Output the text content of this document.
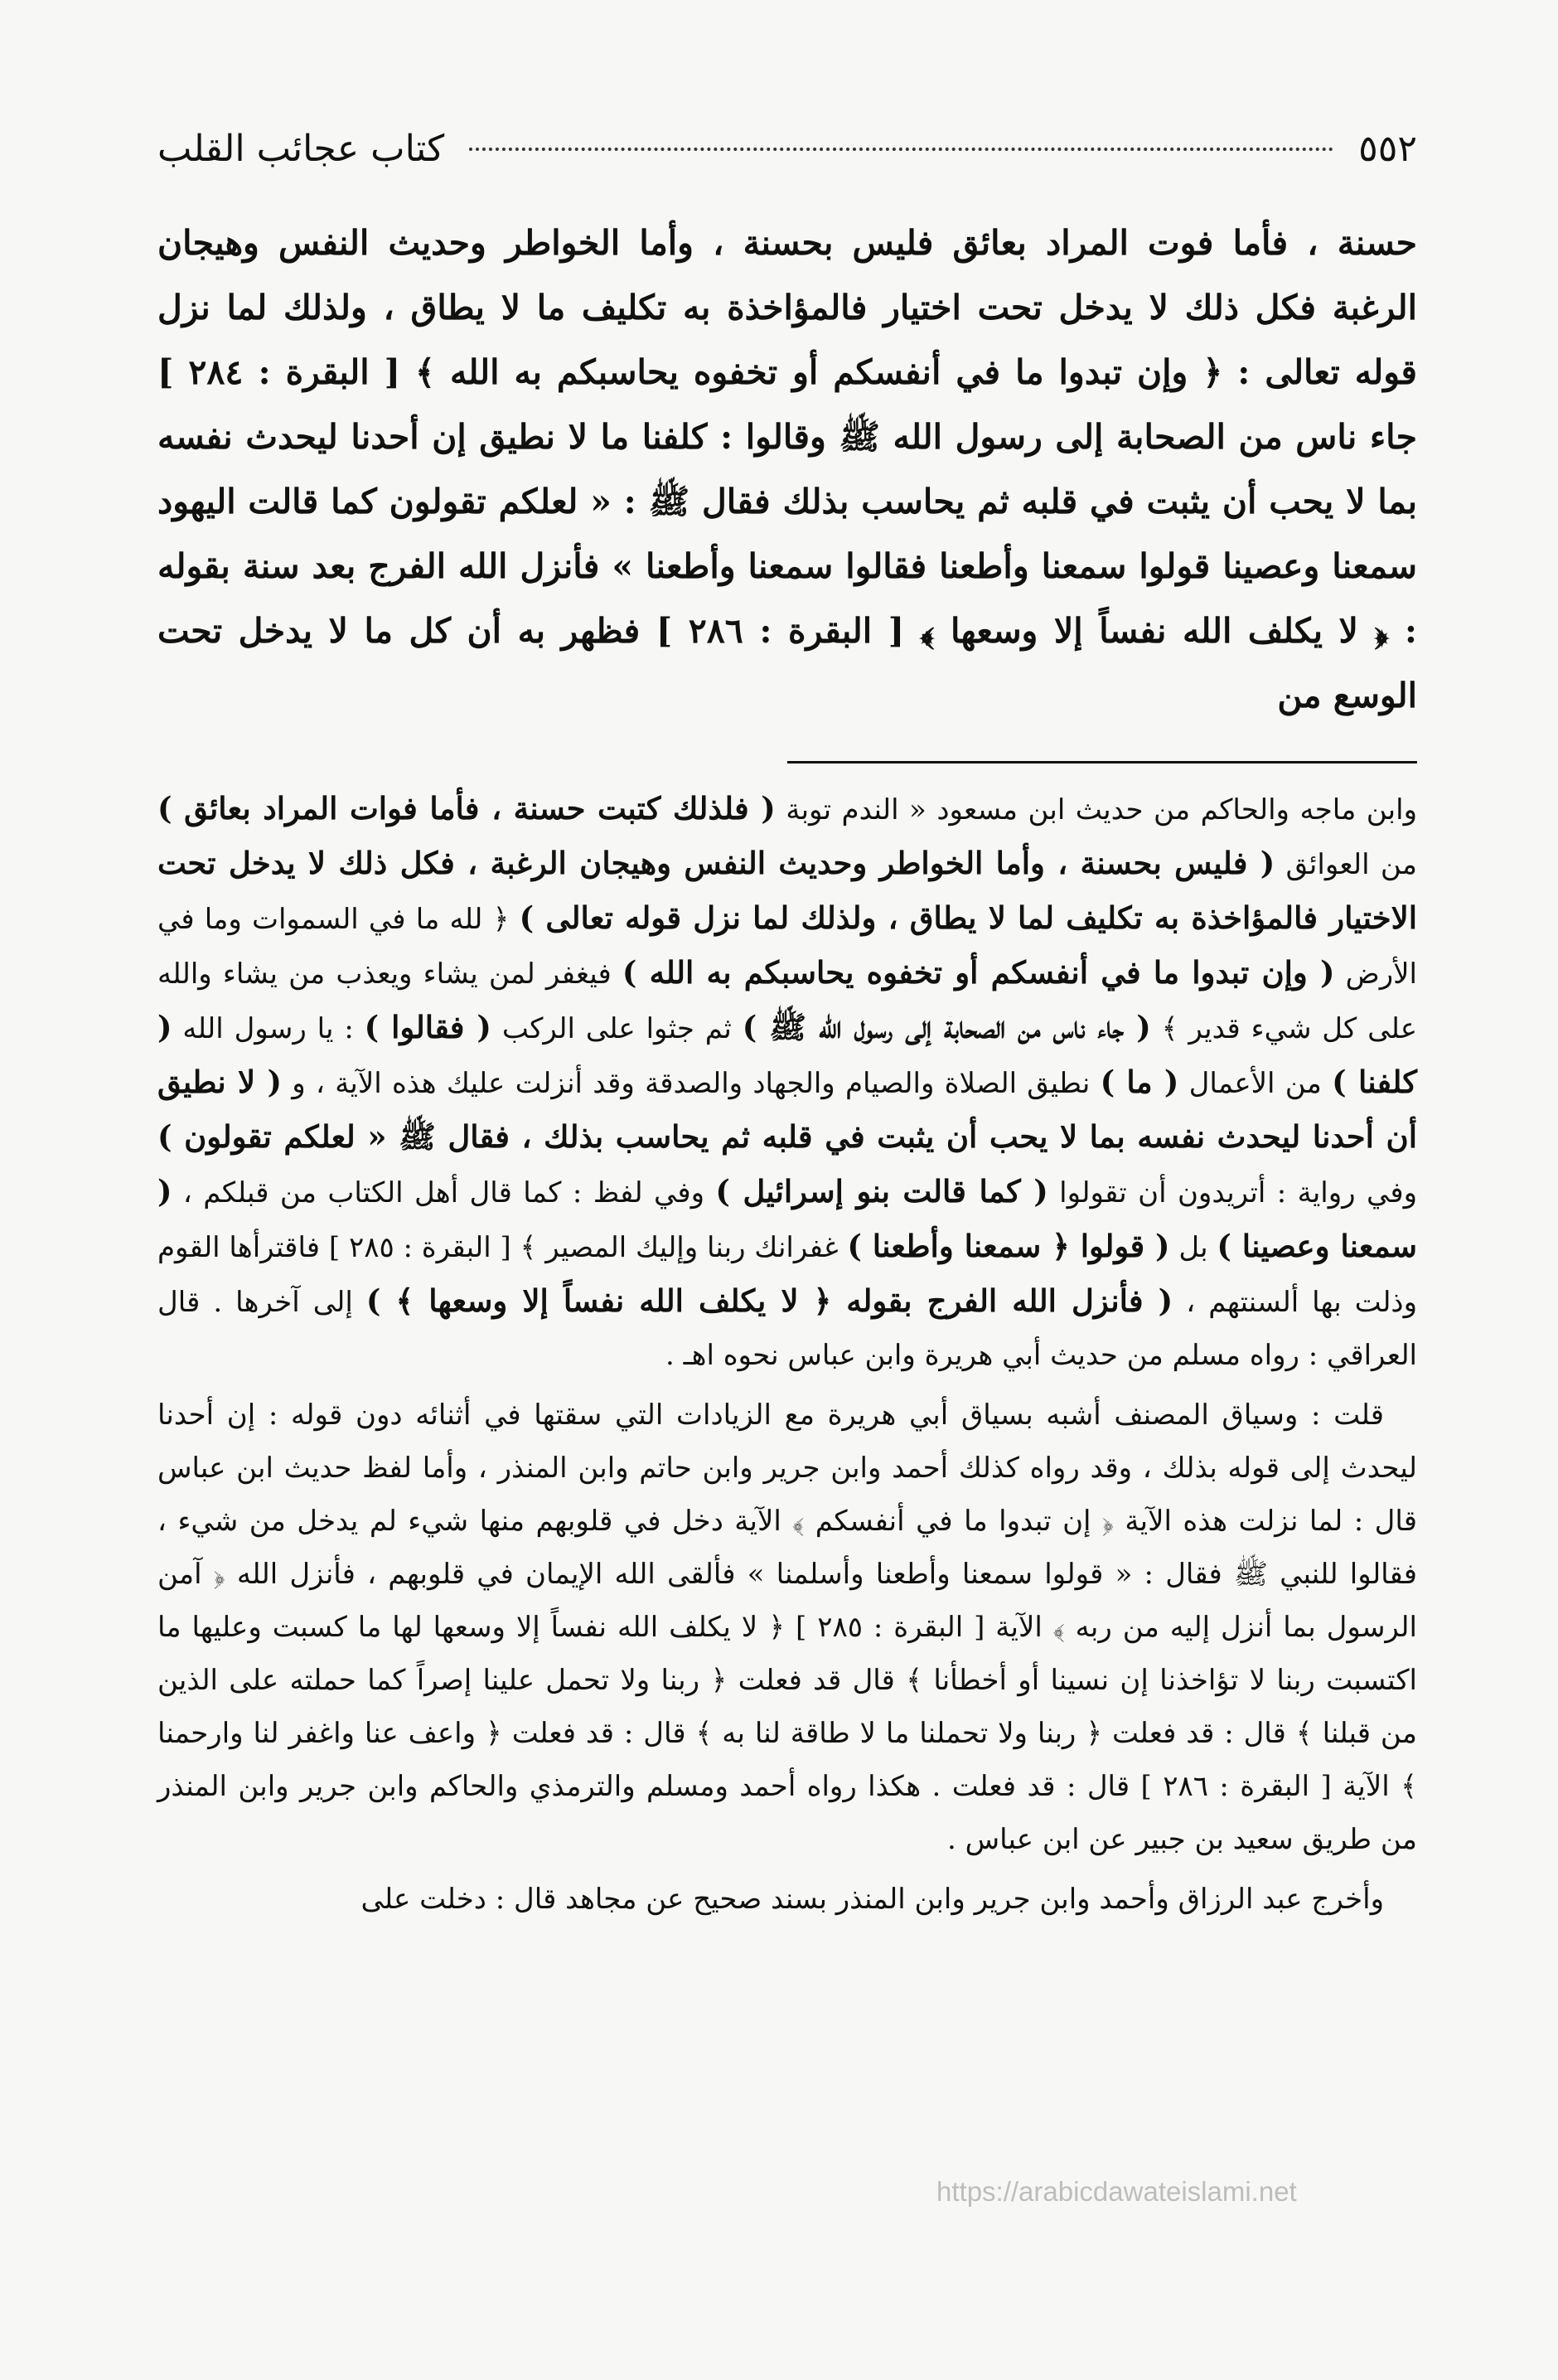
٥٥٢
كتاب عجائب القلب

حسنة ، فأما فوت المراد بعائق فليس بحسنة ، وأما الخواطر وحديث النفس وهيجان الرغبة فكل ذلك لا يدخل تحت اختيار فالمؤاخذة به تكليف ما لا يطاق ، ولذلك لما نزل قوله تعالى : ﴿ وإن تبدوا ما في أنفسكم أو تخفوه يحاسبكم به الله ﴾ [ البقرة : ٢٨٤ ] جاء ناس من الصحابة إلى رسول الله ﷺ وقالوا : كلفنا ما لا نطيق إن أحدنا ليحدث نفسه بما لا يحب أن يثبت في قلبه ثم يحاسب بذلك فقال ﷺ : « لعلكم تقولون كما قالت اليهود سمعنا وعصينا قولوا سمعنا وأطعنا فقالوا سمعنا وأطعنا » فأنزل الله الفرج بعد سنة بقوله : ﴿ لا يكلف الله نفساً إلا وسعها ﴾ [ البقرة : ٢٨٦ ] فظهر به أن كل ما لا يدخل تحت الوسع من

وابن ماجه والحاكم من حديث ابن مسعود « الندم توبة ( فلذلك كتبت حسنة ، فأما فوات المراد بعائق ) من العوائق ( فليس بحسنة ، وأما الخواطر وحديث النفس وهيجان الرغبة ، فكل ذلك لا يدخل تحت الاختيار فالمؤاخذة به تكليف لما لا يطاق ، ولذلك لما نزل قوله تعالى ) ﴿ لله ما في السموات وما في الأرض ( وإن تبدوا ما في أنفسكم أو تخفوه يحاسبكم به الله ) فيغفر لمن يشاء ويعذب من يشاء والله على كل شيء قدير ﴾ ( جاء ناس من الصحابة إلى رسول الله ﷺ ) ثم جثوا على الركب ( فقالوا ) : يا رسول الله ( كلفنا ) من الأعمال ( ما ) نطيق الصلاة والصيام والجهاد والصدقة وقد أنزلت عليك هذه الآية ، و ( لا نطيق أن أحدنا ليحدث نفسه بما لا يحب أن يثبت في قلبه ثم يحاسب بذلك ، فقال ﷺ « لعلكم تقولون ) وفي رواية : أتريدون أن تقولوا ( كما قالت بنو إسرائيل ) وفي لفظ : كما قال أهل الكتاب من قبلكم ، ( سمعنا وعصينا ) بل ( قولوا ﴿ سمعنا وأطعنا ) غفرانك ربنا وإليك المصير ﴾ [ البقرة : ٢٨٥ ] فاقترأها القوم وذلت بها ألسنتهم ، ( فأنزل الله الفرج بقوله ﴿ لا يكلف الله نفساً إلا وسعها ﴾ ) إلى آخرها . قال العراقي : رواه مسلم من حديث أبي هريرة وابن عباس نحوه اهـ .

قلت : وسياق المصنف أشبه بسياق أبي هريرة مع الزيادات التي سقتها في أثنائه دون قوله : إن أحدنا ليحدث إلى قوله بذلك ، وقد رواه كذلك أحمد وابن جرير وابن حاتم وابن المنذر ، وأما لفظ حديث ابن عباس قال : لما نزلت هذه الآية ﴿ إن تبدوا ما في أنفسكم ﴾ الآية دخل في قلوبهم منها شيء لم يدخل من شيء ، فقالوا للنبي ﷺ فقال : « قولوا سمعنا وأطعنا وأسلمنا » فألقى الله الإيمان في قلوبهم ، فأنزل الله ﴿ آمن الرسول بما أنزل إليه من ربه ﴾ الآية [ البقرة : ٢٨٥ ] ﴿ لا يكلف الله نفساً إلا وسعها لها ما كسبت وعليها ما اكتسبت ربنا لا تؤاخذنا إن نسينا أو أخطأنا ﴾ قال قد فعلت ﴿ ربنا ولا تحمل علينا إصراً كما حملته على الذين من قبلنا ﴾ قال : قد فعلت ﴿ ربنا ولا تحملنا ما لا طاقة لنا به ﴾ قال : قد فعلت ﴿ واعف عنا واغفر لنا وارحمنا ﴾ الآية [ البقرة : ٢٨٦ ] قال : قد فعلت . هكذا رواه أحمد ومسلم والترمذي والحاكم وابن جرير وابن المنذر من طريق سعيد بن جبير عن ابن عباس .

وأخرج عبد الرزاق وأحمد وابن جرير وابن المنذر بسند صحيح عن مجاهد قال : دخلت على

https://arabicdawateislami.net
